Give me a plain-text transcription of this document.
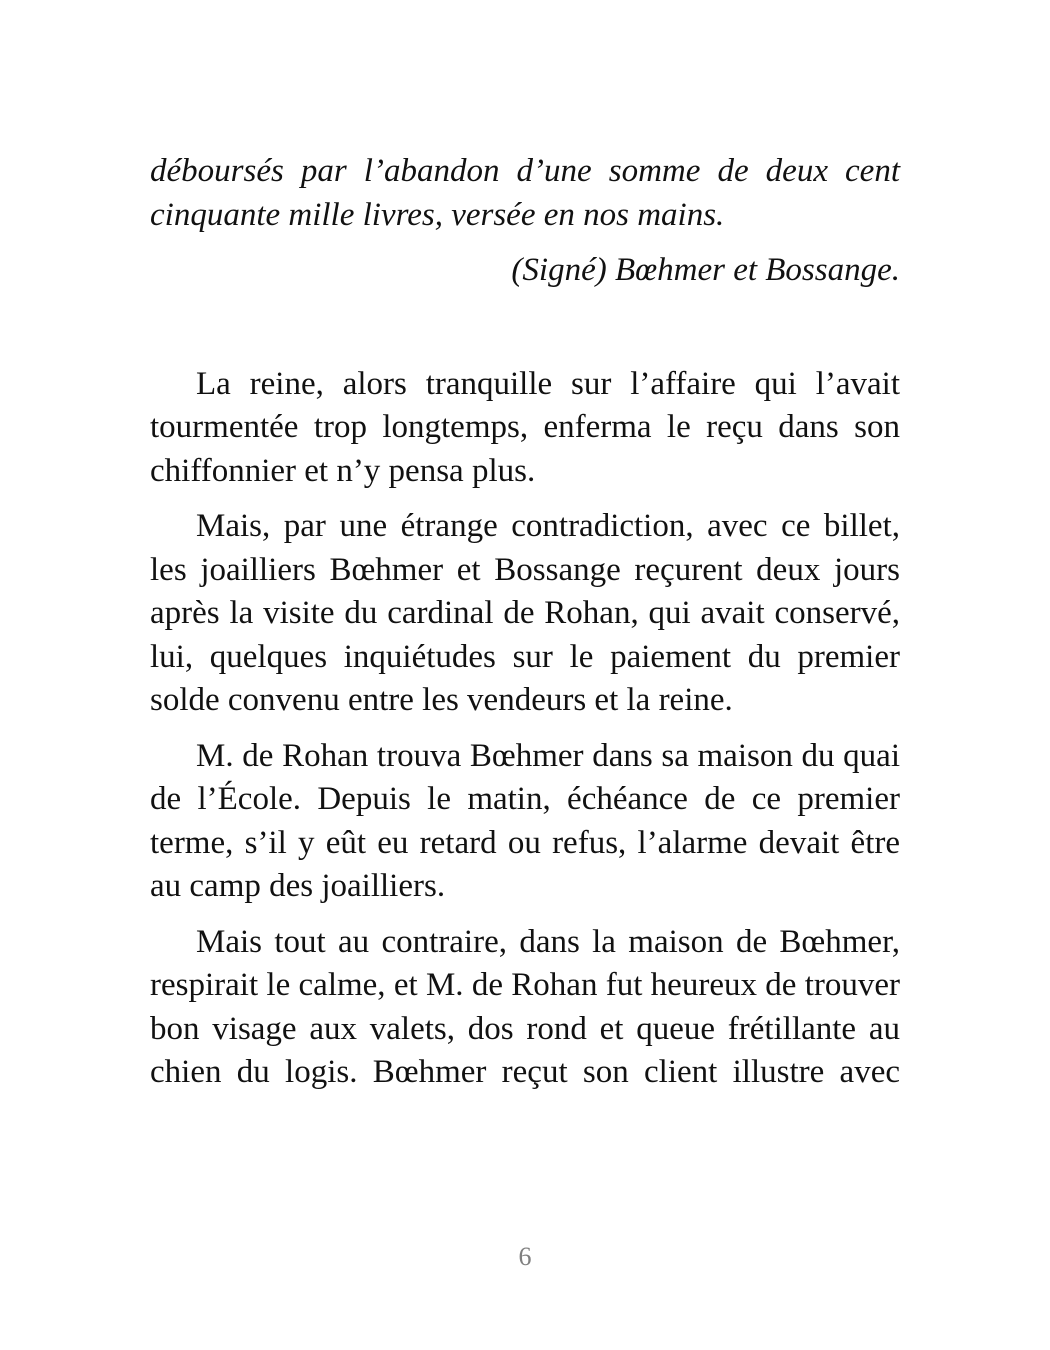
déboursés par l’abandon d’une somme de deux cent cinquante mille livres, versée en nos mains.

(Signé) Bœhmer et Bossange.

La reine, alors tranquille sur l’affaire qui l’avait tourmentée trop longtemps, enferma le reçu dans son chiffonnier et n’y pensa plus.

Mais, par une étrange contradiction, avec ce billet, les joailliers Bœhmer et Bossange reçurent deux jours après la visite du cardinal de Rohan, qui avait conservé, lui, quelques inquiétudes sur le paiement du premier solde convenu entre les vendeurs et la reine.

M. de Rohan trouva Bœhmer dans sa maison du quai de l’École. Depuis le matin, échéance de ce premier terme, s’il y eût eu retard ou refus, l’alarme devait être au camp des joailliers.

Mais tout au contraire, dans la maison de Bœhmer, respirait le calme, et M. de Rohan fut heureux de trouver bon visage aux valets, dos rond et queue frétillante au chien du logis. Bœhmer reçut son client illustre avec

6
